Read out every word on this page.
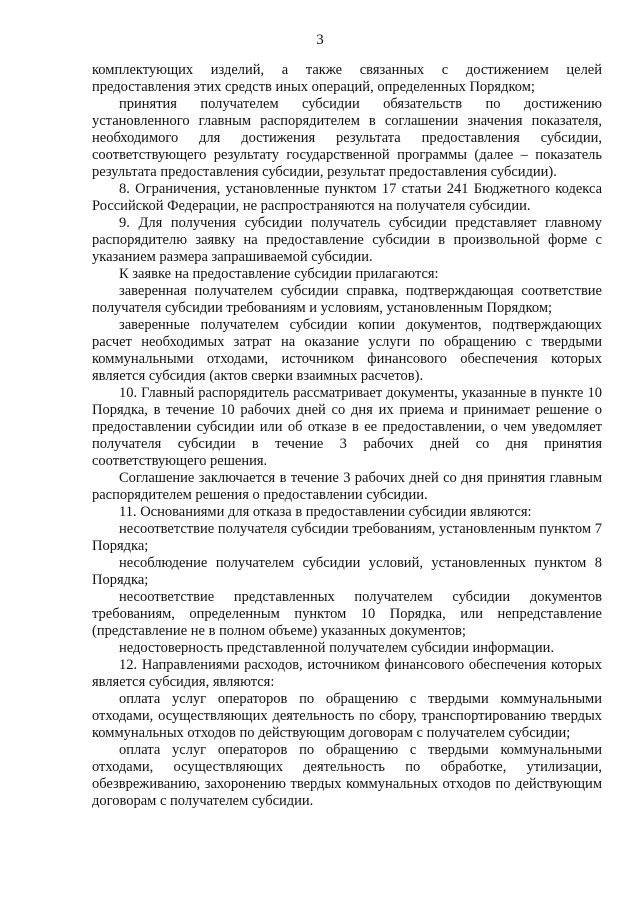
3

комплектующих изделий, а также связанных с достижением целей предоставления этих средств иных операций, определенных Порядком;

принятия получателем субсидии обязательств по достижению установленного главным распорядителем в соглашении значения показателя, необходимого для достижения результата предоставления субсидии, соответствующего результату государственной программы (далее – показатель результата предоставления субсидии, результат предоставления субсидии).

8. Ограничения, установленные пунктом 17 статьи 241 Бюджетного кодекса Российской Федерации, не распространяются на получателя субсидии.

9. Для получения субсидии получатель субсидии представляет главному распорядителю заявку на предоставление субсидии в произвольной форме с указанием размера запрашиваемой субсидии.

К заявке на предоставление субсидии прилагаются:

заверенная получателем субсидии справка, подтверждающая соответствие получателя субсидии требованиям и условиям, установленным Порядком;

заверенные получателем субсидии копии документов, подтверждающих расчет необходимых затрат на оказание услуги по обращению с твердыми коммунальными отходами, источником финансового обеспечения которых является субсидия (актов сверки взаимных расчетов).

10. Главный распорядитель рассматривает документы, указанные в пункте 10 Порядка, в течение 10 рабочих дней со дня их приема и принимает решение о предоставлении субсидии или об отказе в ее предоставлении, о чем уведомляет получателя субсидии в течение 3 рабочих дней со дня принятия соответствующего решения.

Соглашение заключается в течение 3 рабочих дней со дня принятия главным распорядителем решения о предоставлении субсидии.

11. Основаниями для отказа в предоставлении субсидии являются:

несоответствие получателя субсидии требованиям, установленным пунктом 7 Порядка;

несоблюдение получателем субсидии условий, установленных пунктом 8 Порядка;

несоответствие представленных получателем субсидии документов требованиям, определенным пунктом 10 Порядка, или непредставление (представление не в полном объеме) указанных документов;

недостоверность представленной получателем субсидии информации.

12. Направлениями расходов, источником финансового обеспечения которых является субсидия, являются:

оплата услуг операторов по обращению с твердыми коммунальными отходами, осуществляющих деятельность по сбору, транспортированию твердых коммунальных отходов по действующим договорам с получателем субсидии;

оплата услуг операторов по обращению с твердыми коммунальными отходами, осуществляющих деятельность по обработке, утилизации, обезвреживанию, захоронению твердых коммунальных отходов по действующим договорам с получателем субсидии.
